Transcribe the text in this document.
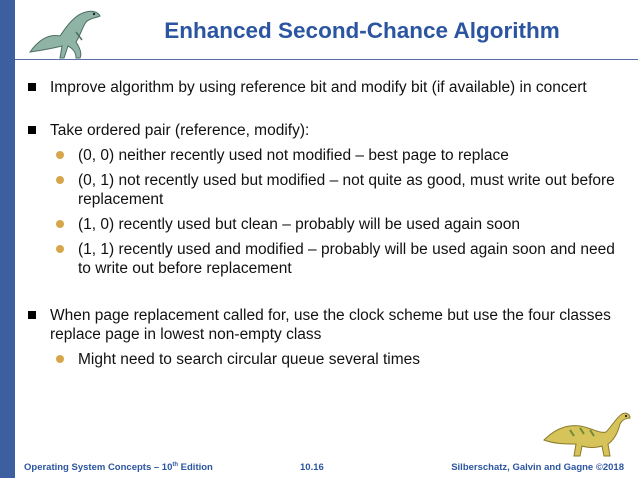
Enhanced Second-Chance Algorithm
Improve algorithm by using reference bit and modify bit (if available) in concert
Take ordered pair (reference, modify):
(0, 0) neither recently used not modified – best page to replace
(0, 1) not recently used but modified – not quite as good, must write out before replacement
(1, 0) recently used but clean – probably will be used again soon
(1, 1) recently used and modified – probably will be used again soon and need to write out before replacement
When page replacement called for, use the clock scheme but use the four classes replace page in lowest non-empty class
Might need to search circular queue several times
Operating System Concepts – 10th Edition	10.16	Silberschatz, Galvin and Gagne ©2018
